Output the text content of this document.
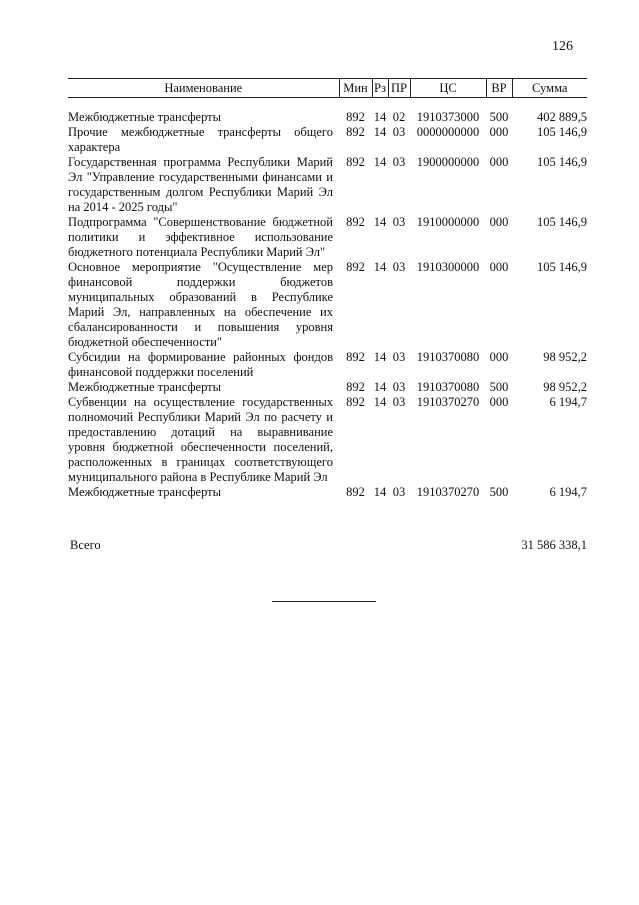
126
Наименование	Мин	Рз	ПР	ЦС	ВР	Сумма
Межбюджетные трансферты	892	14	02	1910373000	500	402 889,5
Прочие межбюджетные трансферты общего характера	892	14	03	0000000000	000	105 146,9
Государственная программа Республики Марий Эл "Управление государственными финансами и государственным долгом Республики Марий Эл на 2014 - 2025 годы"	892	14	03	1900000000	000	105 146,9
Подпрограмма "Совершенствование бюджетной политики и эффективное использование бюджетного потенциала Республики Марий Эл"	892	14	03	1910000000	000	105 146,9
Основное мероприятие "Осуществление мер финансовой поддержки бюджетов муниципальных образований в Республике Марий Эл, направленных на обеспечение их сбалансированности и повышения уровня бюджетной обеспеченности"	892	14	03	1910300000	000	105 146,9
Субсидии на формирование районных фондов финансовой поддержки поселений	892	14	03	1910370080	000	98 952,2
Межбюджетные трансферты	892	14	03	1910370080	500	98 952,2
Субвенции на осуществление государственных полномочий Республики Марий Эл по расчету и предоставлению дотаций на выравнивание уровня бюджетной обеспеченности поселений, расположенных в границах соответствующего муниципального района в Республике Марий Эл	892	14	03	1910370270	000	6 194,7
Межбюджетные трансферты	892	14	03	1910370270	500	6 194,7
Всего	31 586 338,1
